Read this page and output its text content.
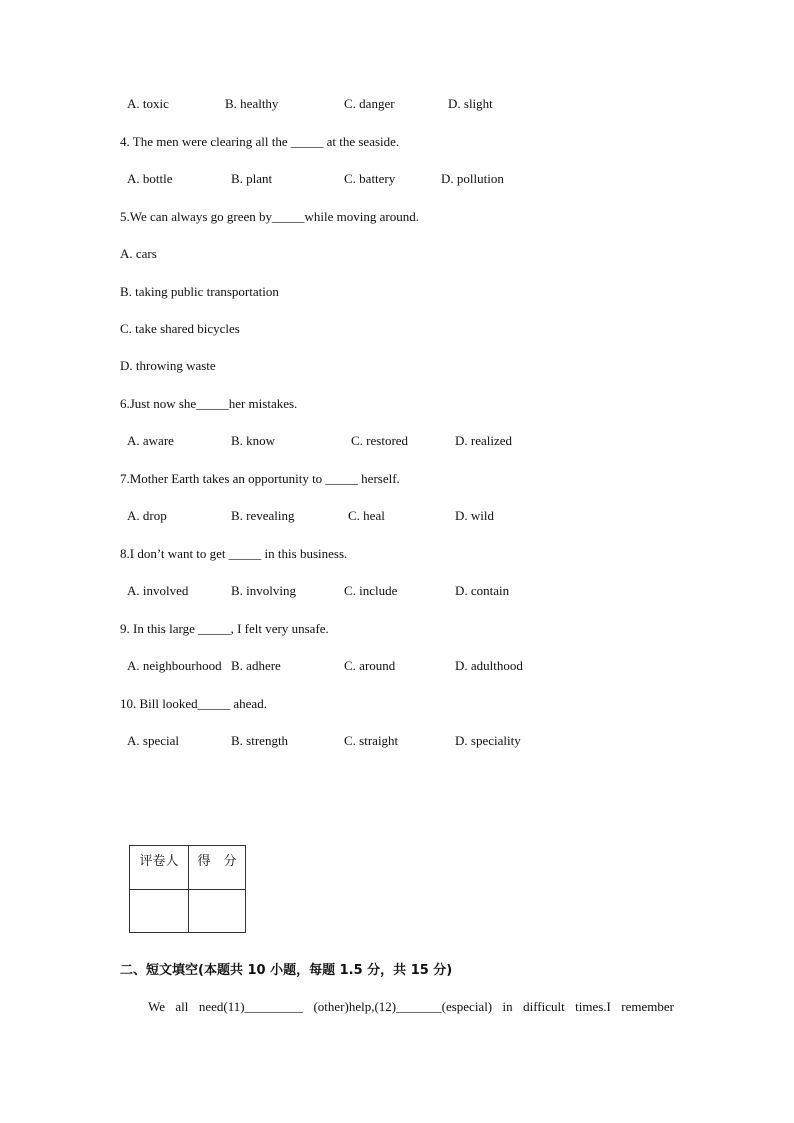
A. toxic	B. healthy	C. danger	D. slight
4. The men were clearing all the _____ at the seaside.
A. bottle	B. plant	C. battery	D. pollution
5.We can always go green by_____while moving around.
A. cars
B. taking public transportation
C. take shared bicycles
D. throwing waste
6.Just now she_____her mistakes.
A. aware	B. know	C. restored	D. realized
7.Mother Earth takes an opportunity to _____ herself.
A. drop	B. revealing	C. heal	D. wild
8.I don’t want to get _____ in this business.
A. involved	B. involving	C. include	D. contain
9. In this large _____, I felt very unsafe.
A. neighbourhood B. adhere	C. around	D. adulthood
10. Bill looked_____ ahead.
A. special	B. strength	C. straight	D. speciality
评卷人	得　分

二、短文填空(本题共 10 小题，每题 1.5 分，共 15 分)
We all need(11)_________ (other)help,(12)_______(especial) in difficult times.I remember
